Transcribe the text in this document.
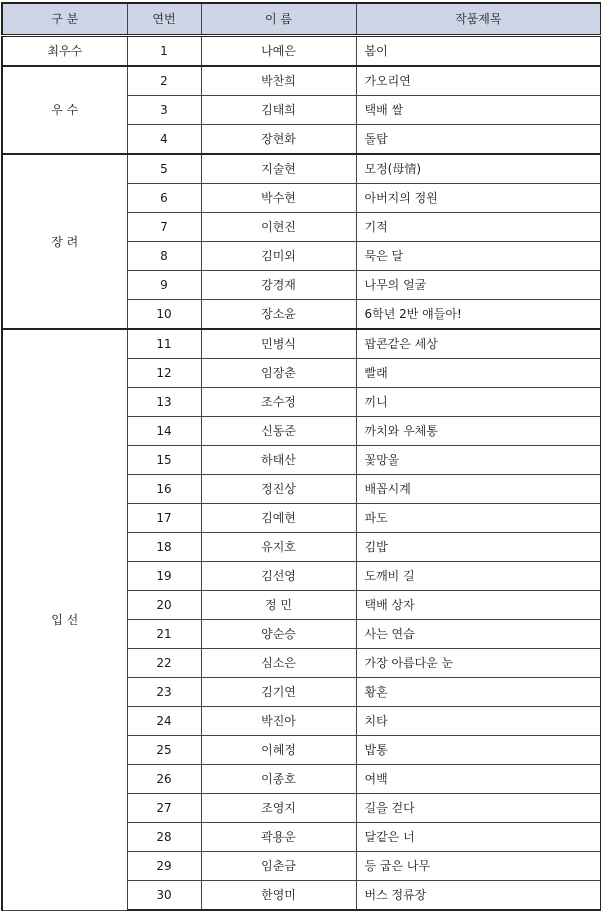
구 분	연번	이 름	작품제목
최우수	1	나예은	봄이
우 수	2	박찬희	가오리연
	3	김태희	택배 쌀
	4	장현화	돌탑
장 려	5	지술현	모정(母情)
	6	박수현	아버지의 정원
	7	이현진	기적
	8	김미외	묵은 달
	9	강경재	나무의 얼굴
	10	장소윤	6학년 2반 얘들아!
입 선	11	민병식	팝콘같은 세상
	12	임장춘	빨래
	13	조수정	끼니
	14	신동준	까치와 우체통
	15	하태산	꽃망울
	16	정진상	배꼽시계
	17	김예현	파도
	18	유지호	김밥
	19	김선영	도깨비 길
	20	정 민	택배 상자
	21	양순승	사는 연습
	22	심소은	가장 아름다운 눈
	23	김기연	황혼
	24	박진아	치타
	25	이혜정	밥통
	26	이종호	여백
	27	조영지	길을 걷다
	28	곽용운	달같은 너
	29	임춘금	등 굽은 나무
	30	한영미	버스 정류장
